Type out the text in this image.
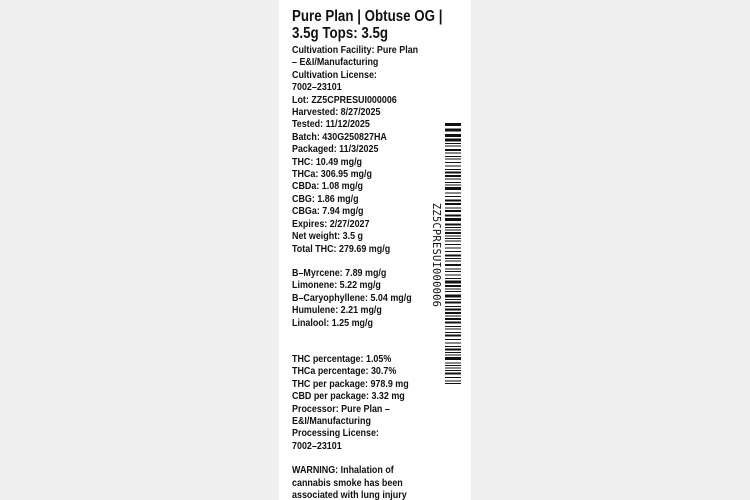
Pure Plan | Obtuse OG |
3.5g Tops: 3.5g
Cultivation Facility: Pure Plan
– E&I/Manufacturing
Cultivation License:
7002–23101
Lot: ZZ5CPRESUI000006
Harvested: 8/27/2025
Tested: 11/12/2025
Batch: 430G250827HA
Packaged: 11/3/2025
THC: 10.49 mg/g
THCa: 306.95 mg/g
CBDa: 1.08 mg/g
CBG: 1.86 mg/g
CBGa: 7.94 mg/g
Expires: 2/27/2027
Net weight: 3.5 g
Total THC: 279.69 mg/g
B–Myrcene: 7.89 mg/g
Limonene: 5.22 mg/g
B–Caryophyllene: 5.04 mg/g
Humulene: 2.21 mg/g
Linalool: 1.25 mg/g
THC percentage: 1.05%
THCa percentage: 30.7%
THC per package: 978.9 mg
CBD per package: 3.32 mg
Processor: Pure Plan –
E&I/Manufacturing
Processing License:
7002–23101
WARNING: Inhalation of
cannabis smoke has been
associated with lung injury
ZZ5CPRESUI000006
